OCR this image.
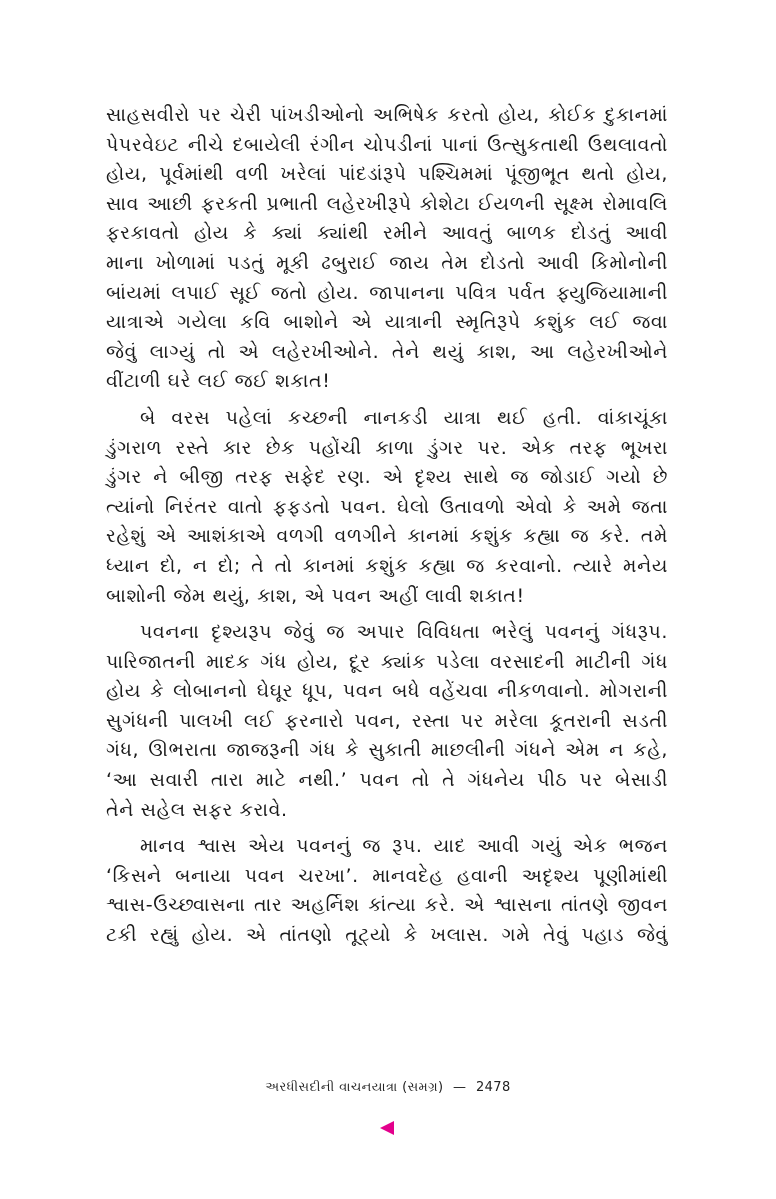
સાહસવીરો પર ચેરી પાંખડીઓનો અભિષેક કરતો હોય, કોઈક દુકાનમાં
પેપરવેઇટ નીચે દબાયેલી રંગીન ચોપડીનાં પાનાં ઉત્સુકતાથી ઉથલાવતો
હોય, પૂર્વમાંથી વળી ખરેલાં પાંદડાંરૂપે પશ્ચિમમાં પૂંજીભૂત થતો હોય,
સાવ આછી ફરકતી પ્રભાતી લહેરખીરૂપે કોશેટા ઈયળની સૂક્ષ્મ રોમાવલિ
ફરકાવતો હોય કે ક્યાં ક્યાંથી રમીને આવતું બાળક દોડતું આવી
માના ખોળામાં પડતું મૂકી ઢબુરાઈ જાય તેમ દોડતો આવી કિમોનોની
બાંયમાં લપાઈ સૂઈ જતો હોય. જાપાનના પવિત્ર પર્વત ફ્યુજિયામાની
યાત્રાએ ગયેલા કવિ બાશોને એ યાત્રાની સ્મૃતિરૂપે કશુંક લઈ જવા
જેવું લાગ્યું તો એ લહેરખીઓને. તેને થયું કાશ, આ લહેરખીઓને
વીંટાળી ઘરે લઈ જઈ શકાત!
બે વરસ પહેલાં કચ્છની નાનકડી યાત્રા થઈ હતી. વાંકાચૂંકા
ડુંગરાળ રસ્તે કાર છેક પહોંચી કાળા ડુંગર પર. એક તરફ ભૂખરા
ડુંગર ને બીજી તરફ સફેદ રણ. એ દૃશ્ય સાથે જ જોડાઈ ગયો છે
ત્યાંનો નિરંતર વાતો ફફડતો પવન. ઘેલો ઉતાવળો એવો કે અમે જતા
રહેશું એ આશંકાએ વળગી વળગીને કાનમાં કશુંક કહ્યા જ કરે. તમે
ધ્યાન દો, ન દો; તે તો કાનમાં કશુંક કહ્યા જ કરવાનો. ત્યારે મનેય
બાશોની જેમ થયું, કાશ, એ પવન અહીં લાવી શકાત!
પવનના દૃશ્યરૂપ જેવું જ અપાર વિવિધતા ભરેલું પવનનું ગંધરૂપ.
પારિજાતની માદક ગંધ હોય, દૂર ક્યાંક પડેલા વરસાદની માટીની ગંધ
હોય કે લોબાનનો ઘેઘૂર ધૂપ, પવન બધે વહેંચવા નીકળવાનો. મોગરાની
સુગંધની પાલખી લઈ ફરનારો પવન, રસ્તા પર મરેલા કૂતરાની સડતી
ગંધ, ઊભરાતા જાજરૂની ગંધ કે સુકાતી માછલીની ગંધને એમ ન કહે,
‘આ સવારી તારા માટે નથી.’ પવન તો તે ગંધનેય પીઠ પર બેસાડી
તેને સહેલ સફર કરાવે.
માનવ શ્વાસ એય પવનનું જ રૂપ. યાદ આવી ગયું એક ભજન
‘કિસને બનાયા પવન ચરખા’. માનવદેહ હવાની અદૃશ્ય પૂણીમાંથી
શ્વાસ-ઉચ્છ્વાસના તાર અહર્નિશ કાંત્યા કરે. એ શ્વાસના તાંતણે જીવન
ટકી રહ્યું હોય. એ તાંતણો તૂટ્યો કે ખલાસ. ગમે તેવું પહાડ જેવું
અરધીસદીની વાચનયાત્રા (સમગ્ર) — 2478
